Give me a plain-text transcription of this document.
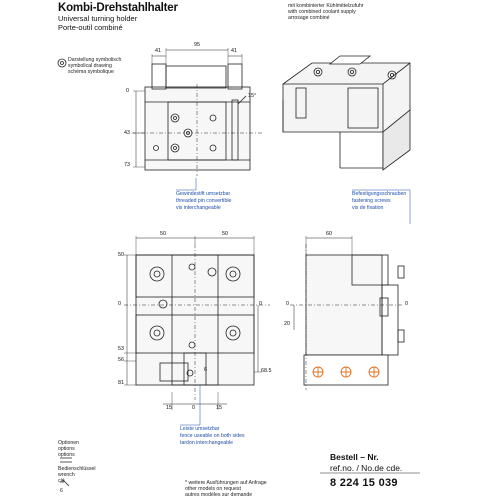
Kombi-Drehstahlhalter
Universal turning holder
Porte-outil combiné
Darstellung symbolisch
symbolical drawing
schéma symbolique
mit kombinierter Kühlmittelzufuhr
with combined coolant supply
arrosage combiné
Gewindestift umsetzbar
threaded pin convertible
vis interchangeable
Befestigungsschrauben
fastening screws
vis de fixation
Leiste umsetzbar
fence useable on both sides
tardon interchangeable
Optionen
options
options
Bedienschlüssel
wrench
clé
6
* weitere Ausführungen auf Anfrage
other models on request
autres modèles sur demande
Bestell – Nr.
ref.no. / No.de cde.
8 224 15 039
41
95
41
0
43
73
15°
50	50
50
0
53
56
81
0
68.5
15
6
15
0
60
20
0	0
